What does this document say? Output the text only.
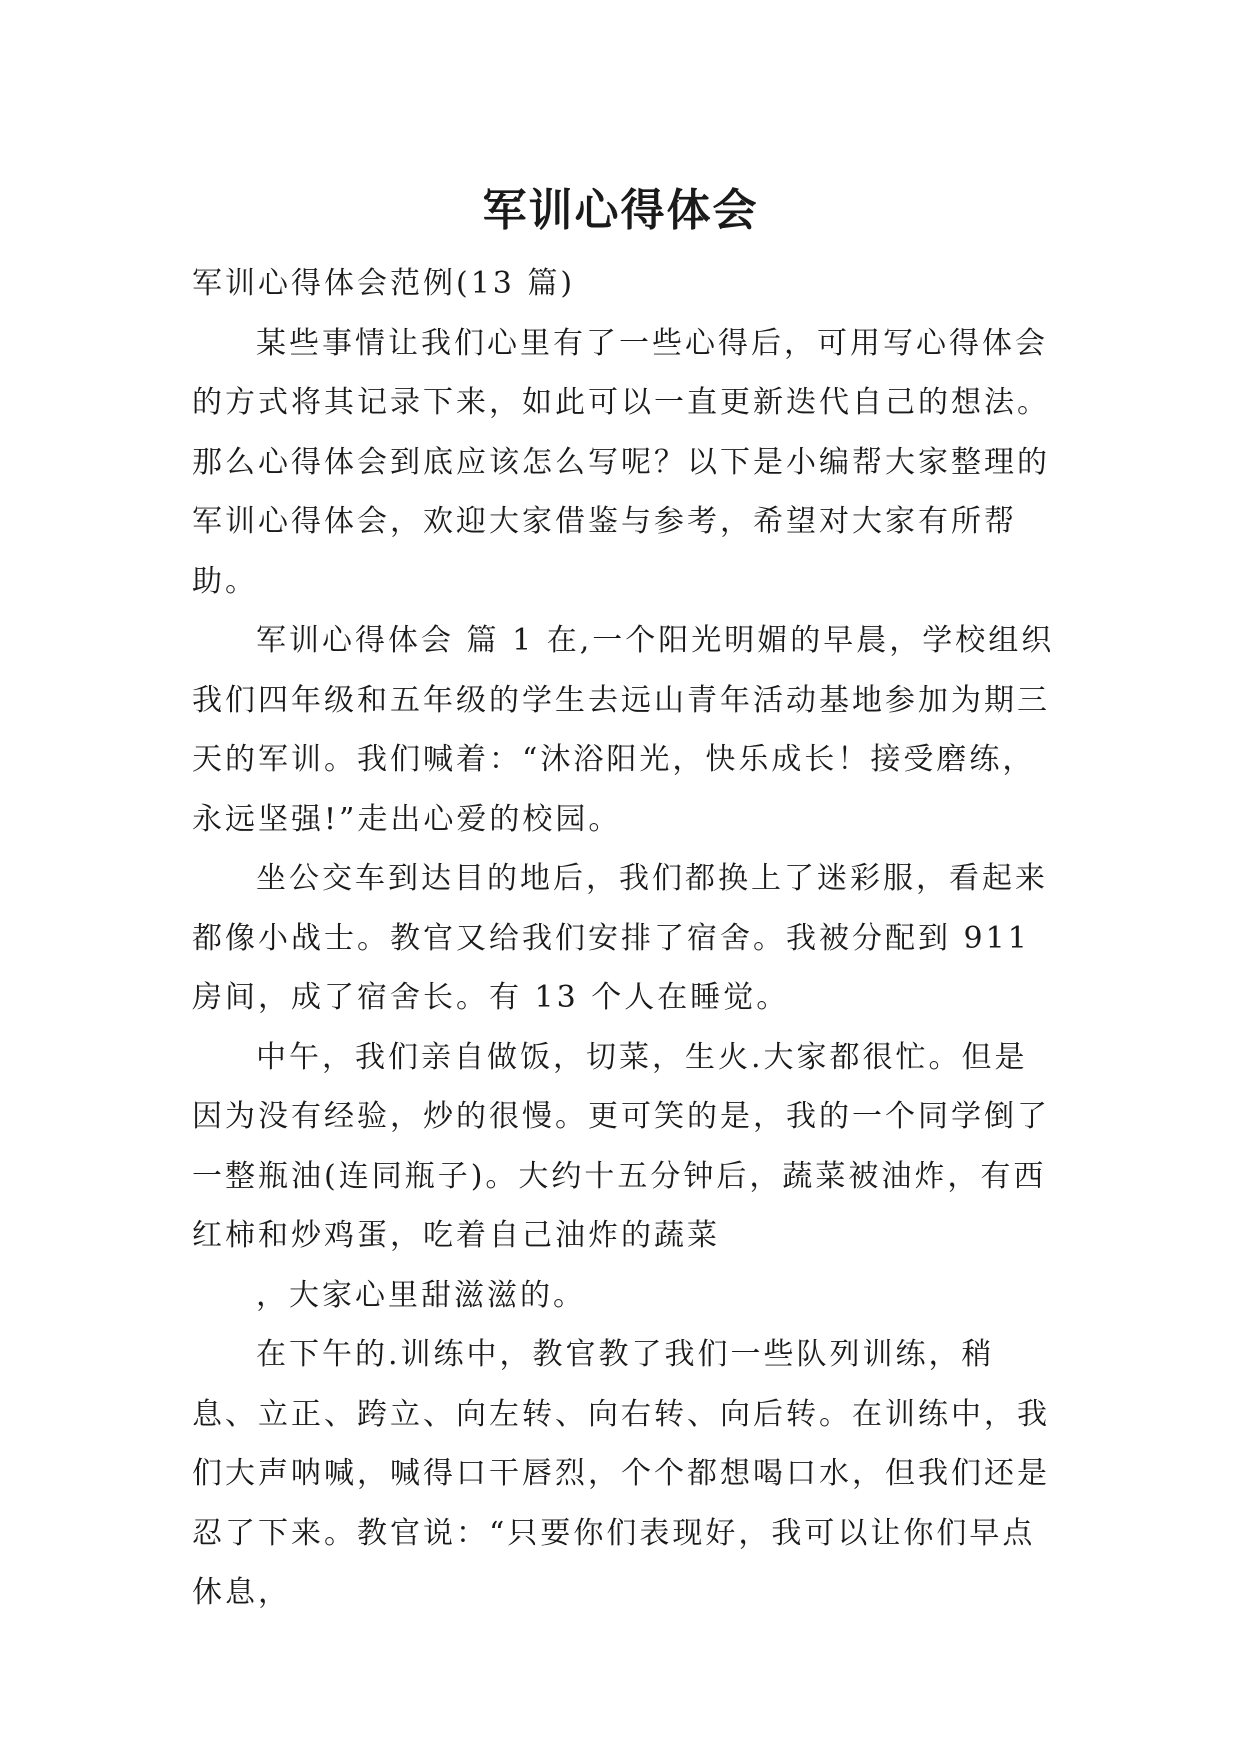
军训心得体会

军训心得体会范例(13 篇)

某些事情让我们心里有了一些心得后，可用写心得体会的方式将其记录下来，如此可以一直更新迭代自己的想法。那么心得体会到底应该怎么写呢？以下是小编帮大家整理的军训心得体会，欢迎大家借鉴与参考，希望对大家有所帮助。

军训心得体会 篇 1 在,一个阳光明媚的早晨，学校组织我们四年级和五年级的学生去远山青年活动基地参加为期三天的军训。我们喊着：“沐浴阳光，快乐成长！接受磨练，永远坚强!”走出心爱的校园。

坐公交车到达目的地后，我们都换上了迷彩服，看起来都像小战士。教官又给我们安排了宿舍。我被分配到 911 房间，成了宿舍长。有 13 个人在睡觉。

中午，我们亲自做饭，切菜，生火.大家都很忙。但是因为没有经验，炒的很慢。更可笑的是，我的一个同学倒了一整瓶油(连同瓶子)。大约十五分钟后，蔬菜被油炸，有西红柿和炒鸡蛋，吃着自己油炸的蔬菜

，大家心里甜滋滋的。

在下午的.训练中，教官教了我们一些队列训练，稍息、立正、跨立、向左转、向右转、向后转。在训练中，我们大声呐喊，喊得口干唇烈，个个都想喝口水，但我们还是忍了下来。教官说：“只要你们表现好，我可以让你们早点休息，
